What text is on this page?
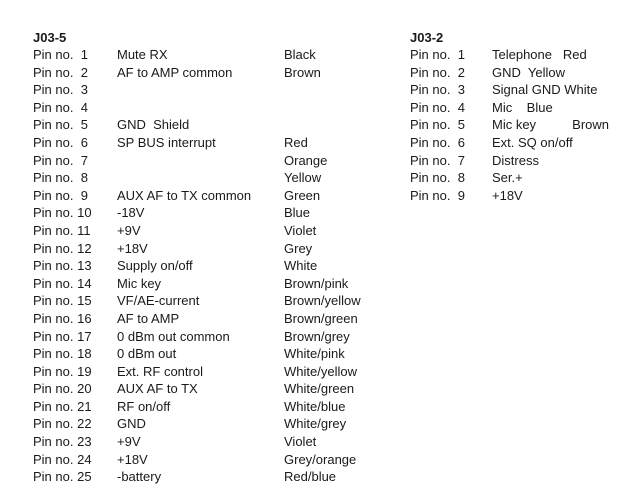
J03-5
Pin no.  1 Mute RX	Black
Pin no.  2 AF to AMP common	Brown
Pin no.  3
Pin no.  4
Pin no.  5 GND  Shield
Pin no.  6 SP BUS interrupt	Red
Pin no.  7	Orange
Pin no.  8	Yellow
Pin no.  9 AUX AF to TX common	Green
Pin no. 10 -18V	Blue
Pin no. 11 +9V	Violet
Pin no. 12 +18V	Grey
Pin no. 13 Supply on/off	White
Pin no. 14 Mic key	Brown/pink
Pin no. 15 VF/AE-current	Brown/yellow
Pin no. 16 AF to AMP	Brown/green
Pin no. 17 0 dBm out common	Brown/grey
Pin no. 18 0 dBm out	White/pink
Pin no. 19 Ext. RF control	White/yellow
Pin no. 20 AUX AF to TX	White/green
Pin no. 21 RF on/off	White/blue
Pin no. 22 GND	White/grey
Pin no. 23 +9V	Violet
Pin no. 24 +18V	Grey/orange
Pin no. 25 -battery	Red/blue
J03-2
Pin no.  1 Telephone   Red
Pin no.  2 GND  Yellow
Pin no.  3 Signal GND White
Pin no.  4 Mic    Blue
Pin no.  5 Mic key          Brown
Pin no.  6 Ext. SQ on/off
Pin no.  7 Distress
Pin no.  8 Ser.+
Pin no.  9 +18V
